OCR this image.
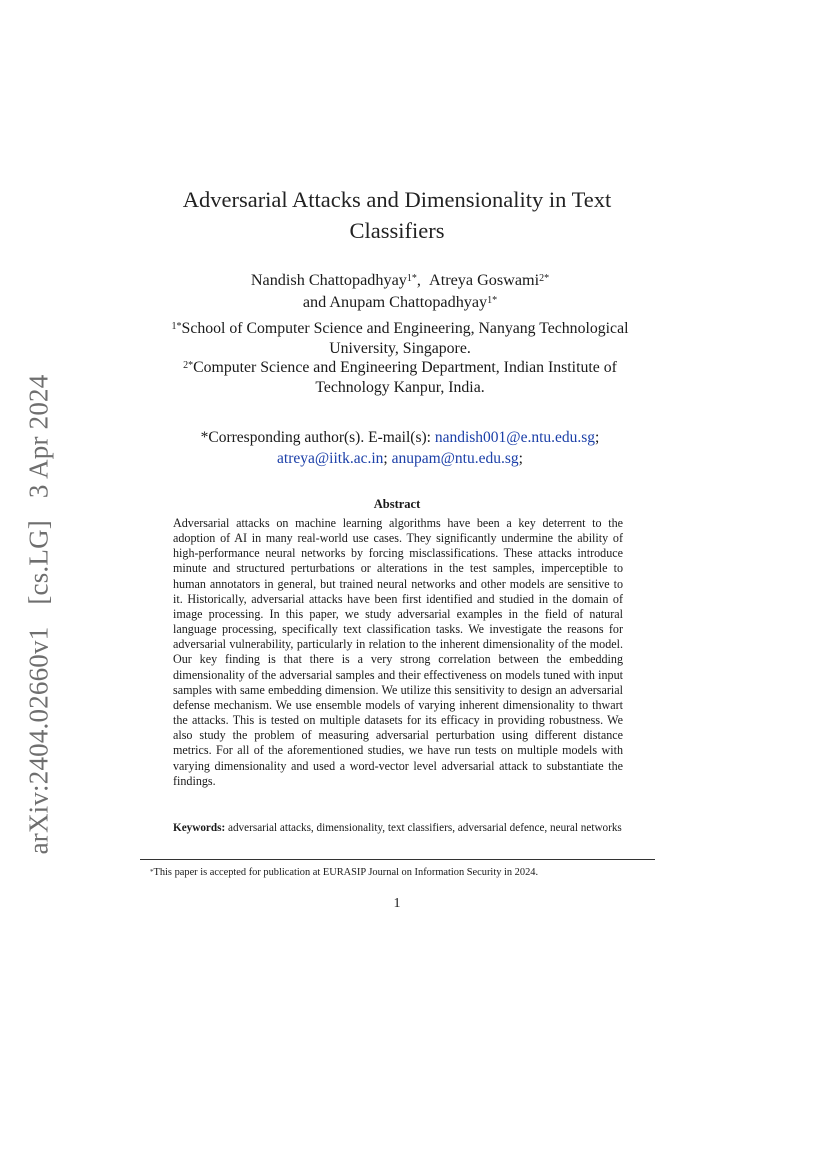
arXiv:2404.02660v1 [cs.LG] 3 Apr 2024
Adversarial Attacks and Dimensionality in Text
Classifiers
Nandish Chattopadhyay$^{1*}$, Atreya Goswami$^{2*}$
and Anupam Chattopadhyay$^{1*}$
$^{1*}$School of Computer Science and Engineering, Nanyang Technological
University, Singapore.
$^{2*}$Computer Science and Engineering Department, Indian Institute of
Technology Kanpur, India.
*Corresponding author(s). E-mail(s): nandish001@e.ntu.edu.sg;
atreya@iitk.ac.in; anupam@ntu.edu.sg;
Abstract

Adversarial attacks on machine learning algorithms have been a key deterrent to the adoption of AI in many real-world use cases. They significantly undermine the ability of high-performance neural networks by forcing misclassifications. These attacks introduce minute and structured perturbations or alterations in the test samples, imperceptible to human annotators in general, but trained neural networks and other models are sensitive to it. Historically, adversarial attacks have been first identified and studied in the domain of image processing. In this paper, we study adversarial examples in the field of natural language processing, specifically text classification tasks. We investigate the reasons for adversarial vulnerability, particularly in relation to the inherent dimensionality of the model. Our key finding is that there is a very strong correlation between the embedding dimensionality of the adversarial samples and their effectiveness on models tuned with input samples with same embedding dimension. We utilize this sensitivity to design an adversarial defense mechanism. We use ensemble models of varying inherent dimensionality to thwart the attacks. This is tested on multiple datasets for its efficacy in providing robustness. We also study the problem of measuring adversarial perturbation using different distance metrics. For all of the aforementioned studies, we have run tests on multiple models with varying dimensionality and used a word-vector level adversarial attack to substantiate the findings.

Keywords: adversarial attacks, dimensionality, text classifiers, adversarial defence, neural networks
*This paper is accepted for publication at EURASIP Journal on Information Security in 2024.
1
